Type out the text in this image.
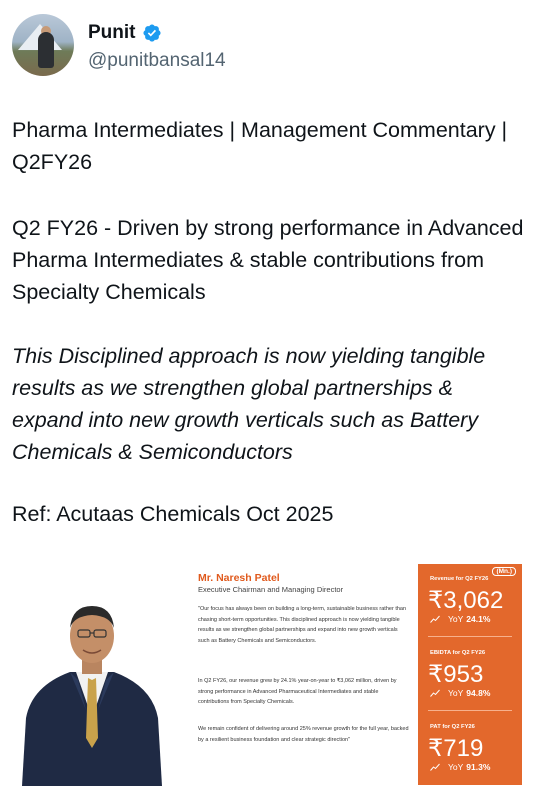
Punit
@punitbansal14

Pharma Intermediates | Management Commentary | Q2FY26

Q2 FY26 - Driven by strong performance in Advanced Pharma Intermediates & stable contributions from Specialty Chemicals

This Disciplined approach is now yielding tangible results as we strengthen global partnerships & expand into new growth verticals such as Battery Chemicals & Semiconductors

Ref: Acutaas Chemicals Oct 2025

Mr. Naresh Patel
Executive Chairman and Managing Director
"Our focus has always been on building a long-term, sustainable business rather than chasing short-term opportunities. This disciplined approach is now yielding tangible results as we strengthen global partnerships and expand into new growth verticals such as Battery Chemicals and Semiconductors.
In Q2 FY26, our revenue grew by 24.1% year-on-year to ₹3,062 million, driven by strong performance in Advanced Pharmaceutical Intermediates and stable contributions from Specialty Chemicals.
We remain confident of delivering around 25% revenue growth for the full year, backed by a resilient business foundation and clear strategic direction"
(Mn.)
Revenue for Q2 FY26
₹3,062
YoY 24.1%
EBIDTA for Q2 FY26
₹953
YoY 94.8%
PAT for Q2 FY26
₹719
YoY 91.3%
